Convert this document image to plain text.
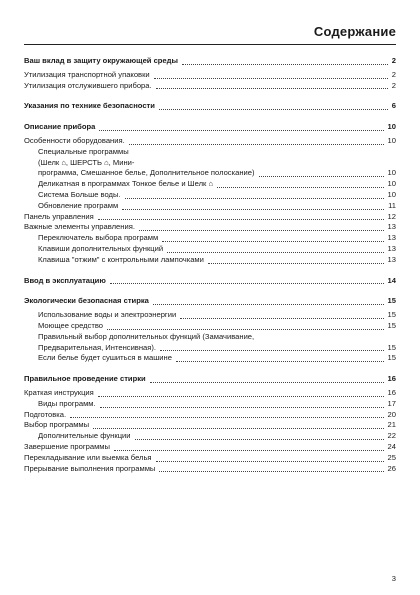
Содержание
Ваш вклад в защиту окружающей среды	2
Утилизация транспортной упаковки	2
Утилизация отслужившего прибора.	2
Указания по технике безопасности	6
Описание прибора	10
Особенности оборудования.	10
Специальные программы
(Шелк ⌂, ШЕРСТЬ ⌂, Мини-
программа, Смешанное белье, Дополнительное полоскание)	10
Деликатная в программах Тонкое белье и Шелк ⌂	10
Система Больше воды.	10
Обновление программ	11
Панель управления	12
Важные элементы управления.	13
Переключатель выбора программ	13
Клавиши дополнительных функций	13
Клавиша "отжим" с контрольными лампочками	13
Ввод в эксплуатацию	14
Экологически безопасная стирка	15
Использование воды и электроэнергии	15
Моющее средство	15
Правильный выбор дополнительных функций (Замачивание,
Предварительная, Интенсивная).	15
Если белье будет сушиться в машине	15
Правильное проведение стирки	16
Краткая инструкция	16
Виды программ.	17
Подготовка.	20
Выбор программы	21
Дополнительные функции	22
Завершение программы	24
Перекладывание или выемка белья	25
Прерывание выполнения программы	26
3
